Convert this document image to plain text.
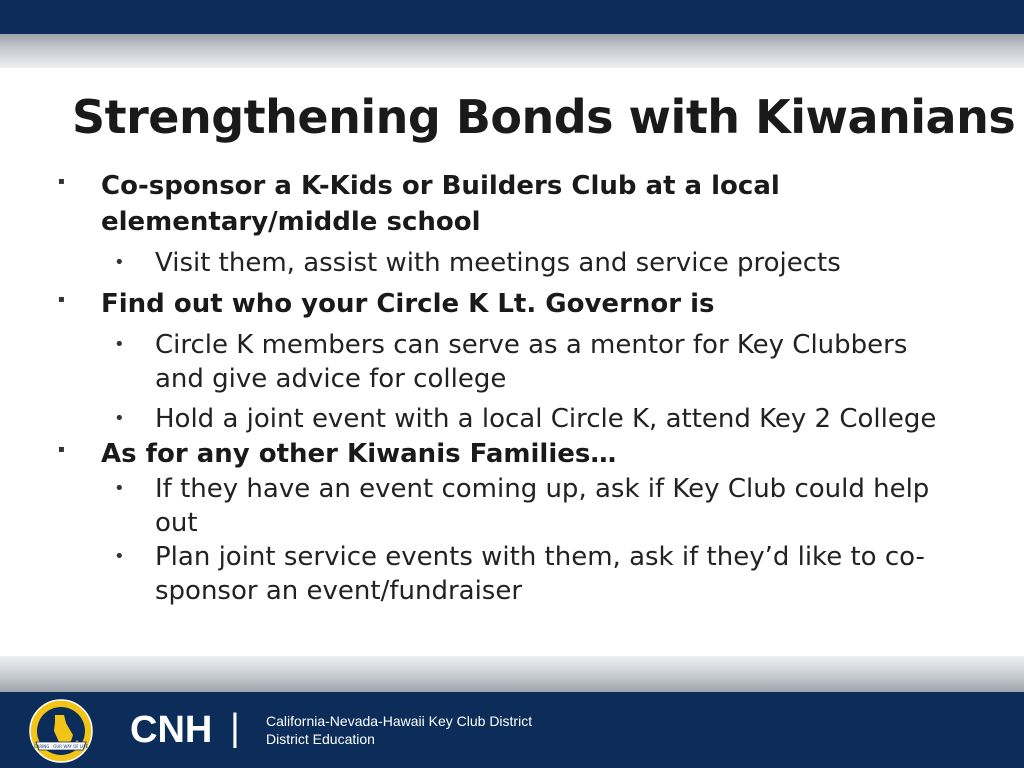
Strengthening Bonds with Kiwanians
▪ Co-sponsor a K-Kids or Builders Club at a local elementary/middle school
• Visit them, assist with meetings and service projects
▪ Find out who your Circle K Lt. Governor is
• Circle K members can serve as a mentor for Key Clubbers and give advice for college
• Hold a joint event with a local Circle K, attend Key 2 College
▪ As for any other Kiwanis Families…
• If they have an event coming up, ask if Key Club could help out
• Plan joint service events with them, ask if they’d like to co-sponsor an event/fundraiser
CARING · OUR WAY OF LIFE CNH | California-Nevada-Hawaii Key Club District
District Education
